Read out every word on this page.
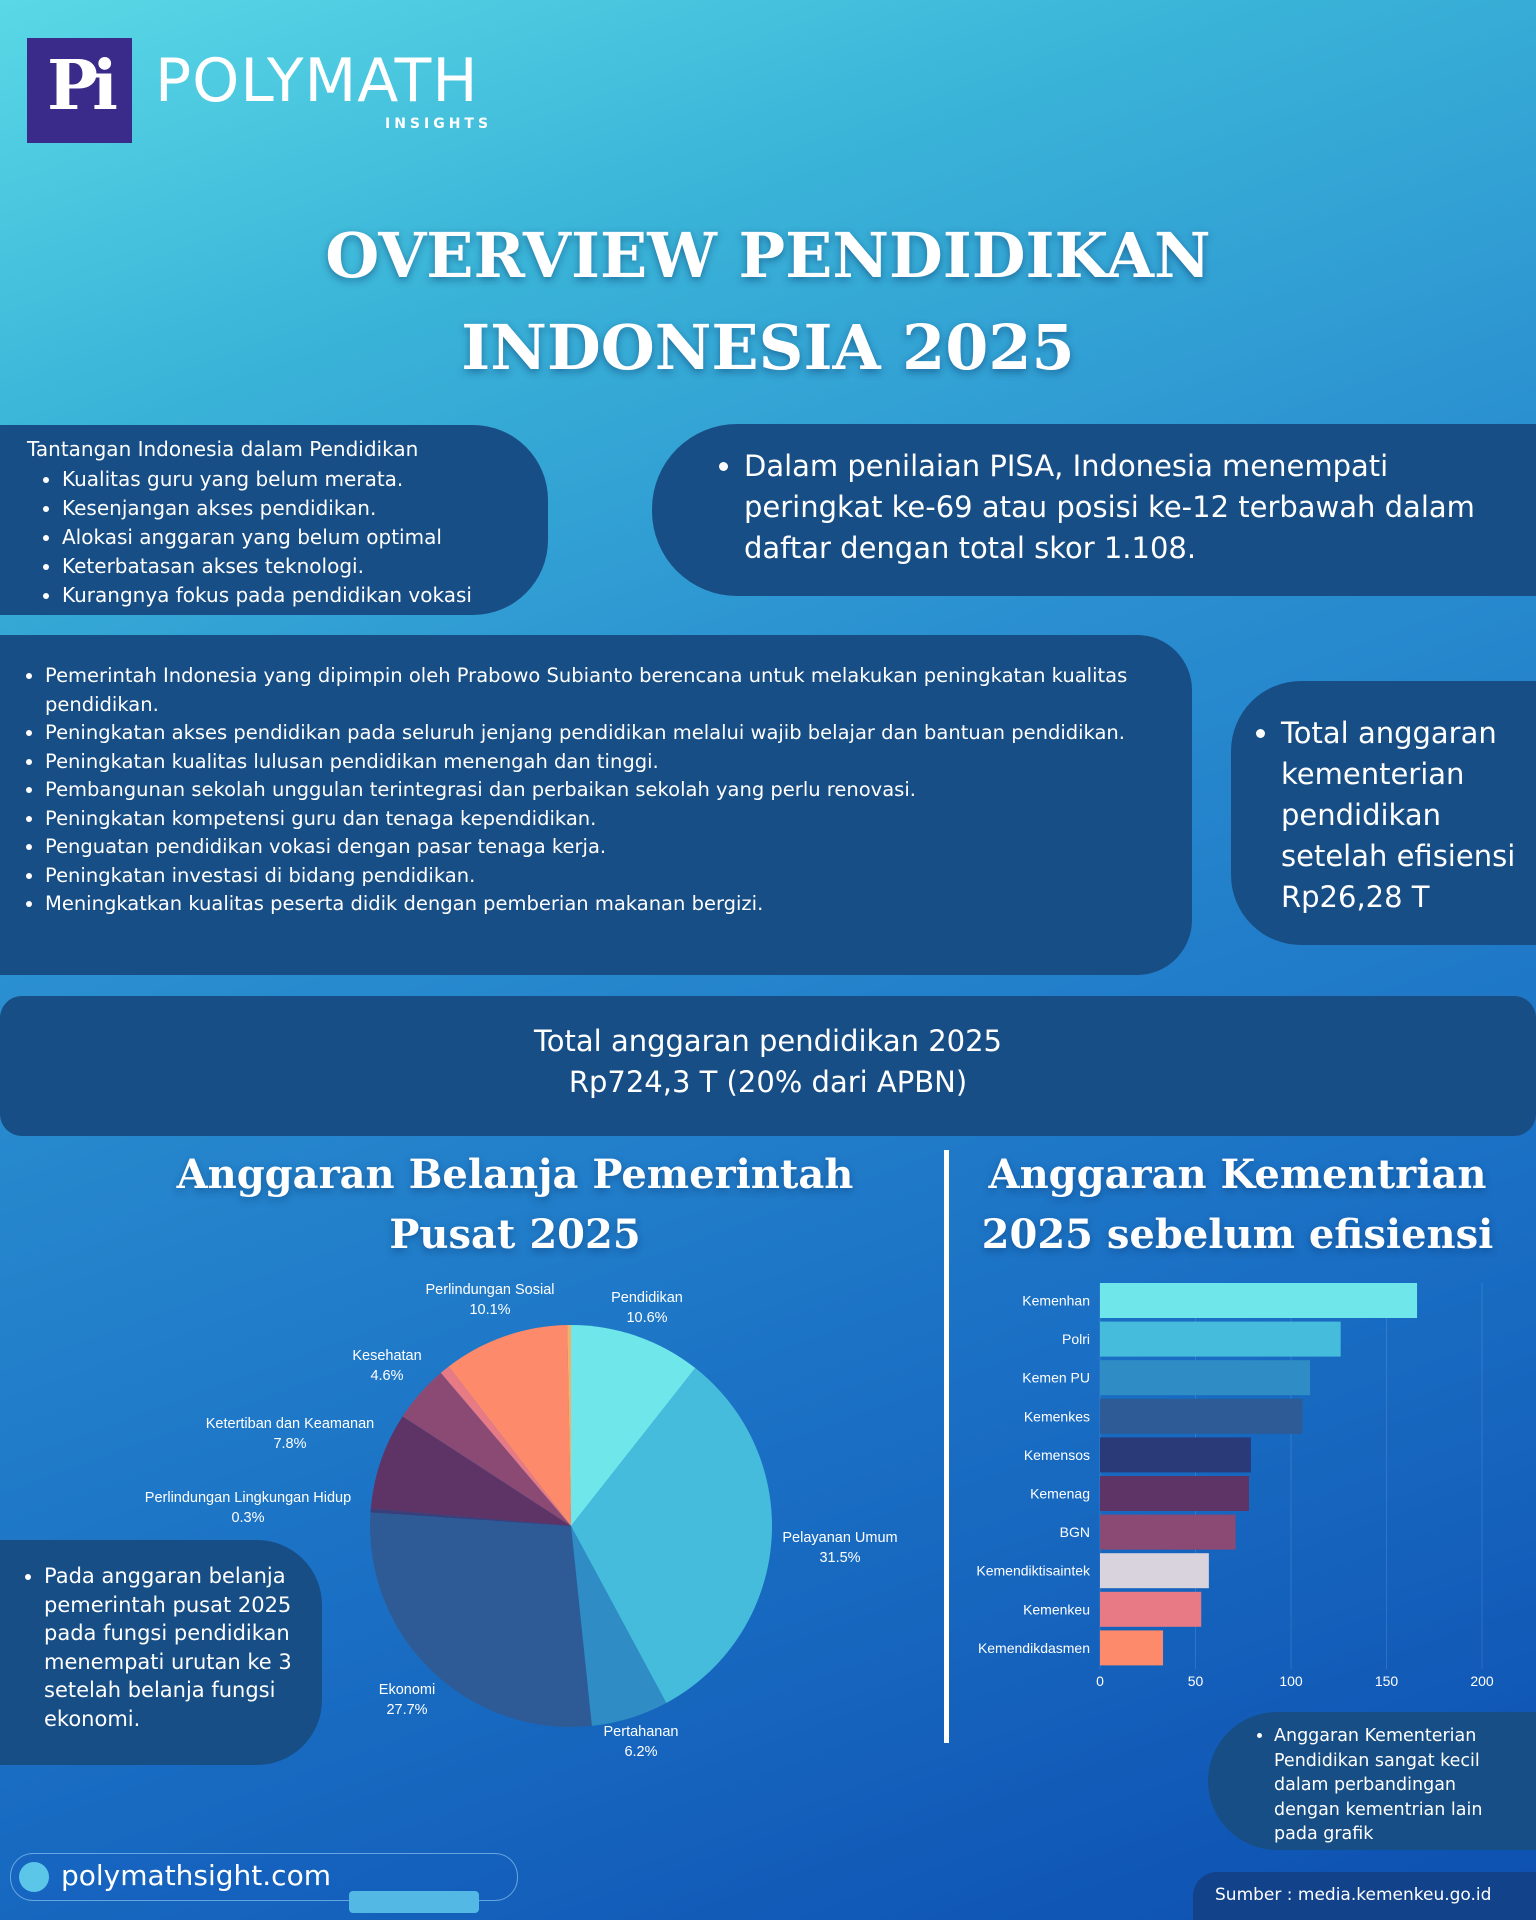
Pi POLYMATH
INSIGHTS
OVERVIEW PENDIDIKAN
INDONESIA 2025
Tantangan Indonesia dalam Pendidikan
• Kualitas guru yang belum merata.
• Kesenjangan akses pendidikan.
• Alokasi anggaran yang belum optimal
• Keterbatasan akses teknologi.
• Kurangnya fokus pada pendidikan vokasi
• Dalam penilaian PISA, Indonesia menempati peringkat ke-69 atau posisi ke-12 terbawah dalam daftar dengan total skor 1.108.
• Pemerintah Indonesia yang dipimpin oleh Prabowo Subianto berencana untuk melakukan peningkatan kualitas pendidikan.
• Peningkatan akses pendidikan pada seluruh jenjang pendidikan melalui wajib belajar dan bantuan pendidikan.
• Peningkatan kualitas lulusan pendidikan menengah dan tinggi.
• Pembangunan sekolah unggulan terintegrasi dan perbaikan sekolah yang perlu renovasi.
• Peningkatan kompetensi guru dan tenaga kependidikan.
• Penguatan pendidikan vokasi dengan pasar tenaga kerja.
• Peningkatan investasi di bidang pendidikan.
• Meningkatkan kualitas peserta didik dengan pemberian makanan bergizi.
• Total anggaran kementerian pendidikan setelah efisiensi Rp26,28 T
Total anggaran pendidikan 2025
Rp724,3 T (20% dari APBN)
Anggaran Belanja Pemerintah Pusat 2025
Anggaran Kementrian 2025 sebelum efisiensi
Pendidikan
10.6%
Pelayanan Umum
31.5%
Pertahanan
6.2%
Ekonomi
27.7%
Perlindungan Lingkungan Hidup
0.3%
Ketertiban dan Keamanan
7.8%
Kesehatan
4.6%
Perlindungan Sosial
10.1%
0	50	100	150	200
Kemenhan
Polri
Kemen PU
Kemenkes
Kemensos
Kemenag
BGN
Kemendiktisaintek
Kemenkeu
Kemendikdasmen
• Pada anggaran belanja pemerintah pusat 2025 pada fungsi pendidikan menempati urutan ke 3 setelah belanja fungsi ekonomi.
• Anggaran Kementerian Pendidikan sangat kecil dalam perbandingan dengan kementrian lain pada grafik
polymathsight.com
Sumber : media.kemenkeu.go.id
